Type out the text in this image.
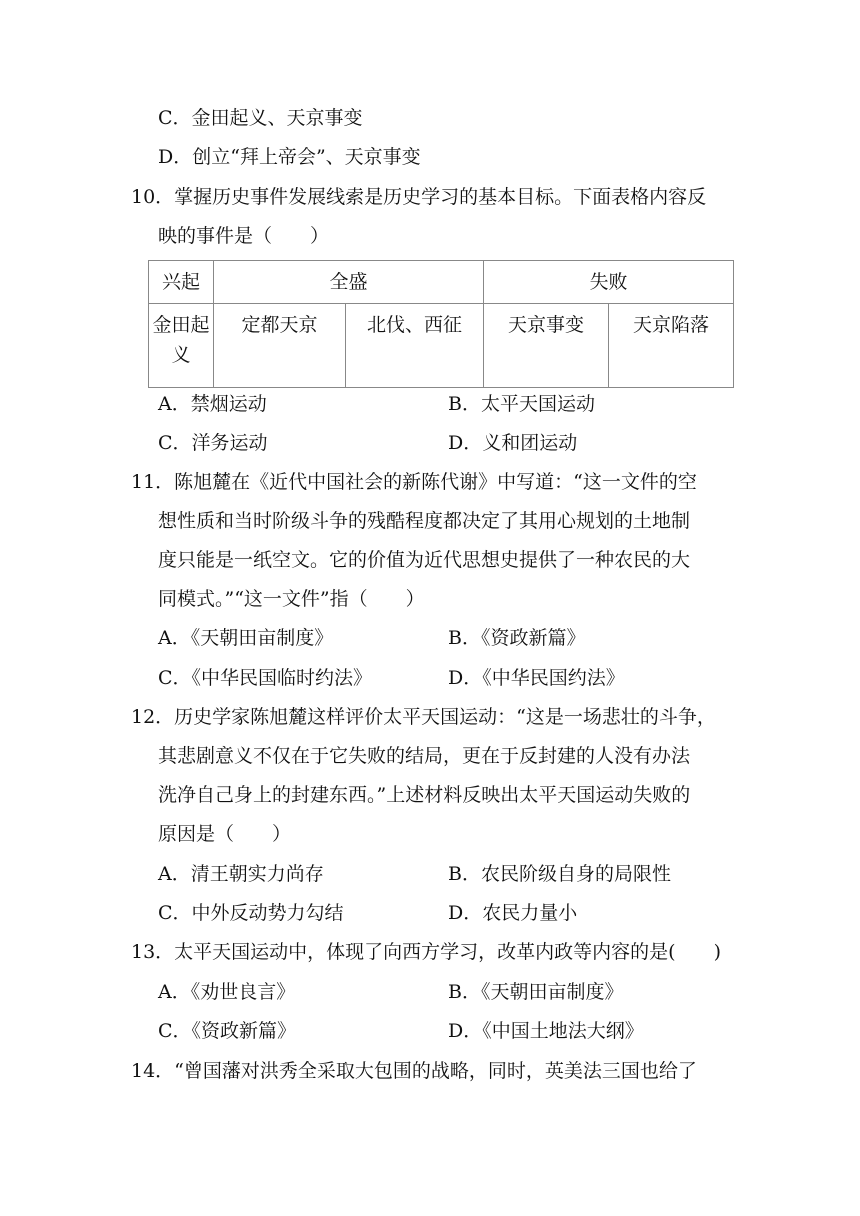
C．金田起义、天京事变
D．创立“拜上帝会”、天京事变
10．掌握历史事件发展线索是历史学习的基本目标。下面表格内容反
映的事件是（　　）
兴起	全盛		失败	
金田起义	定都天京	北伐、西征	天京事变	天京陷落
A．禁烟运动	B．太平天国运动
C．洋务运动	D．义和团运动
11．陈旭麓在《近代中国社会的新陈代谢》中写道：“这一文件的空
想性质和当时阶级斗争的残酷程度都决定了其用心规划的土地制
度只能是一纸空文。它的价值为近代思想史提供了一种农民的大
同模式。”“这一文件”指（　　）
A．《天朝田亩制度》	B．《资政新篇》
C．《中华民国临时约法》	D．《中华民国约法》
12．历史学家陈旭麓这样评价太平天国运动：“这是一场悲壮的斗争，
其悲剧意义不仅在于它失败的结局，更在于反封建的人没有办法
洗净自己身上的封建东西。”上述材料反映出太平天国运动失败的
原因是（　　）
A．清王朝实力尚存	B．农民阶级自身的局限性
C．中外反动势力勾结	D．农民力量小
13．太平天国运动中，体现了向西方学习，改革内政等内容的是(　　)
A．《劝世良言》	B．《天朝田亩制度》
C．《资政新篇》	D．《中国土地法大纲》
14．“曾国藩对洪秀全采取大包围的战略，同时，英美法三国也给了
